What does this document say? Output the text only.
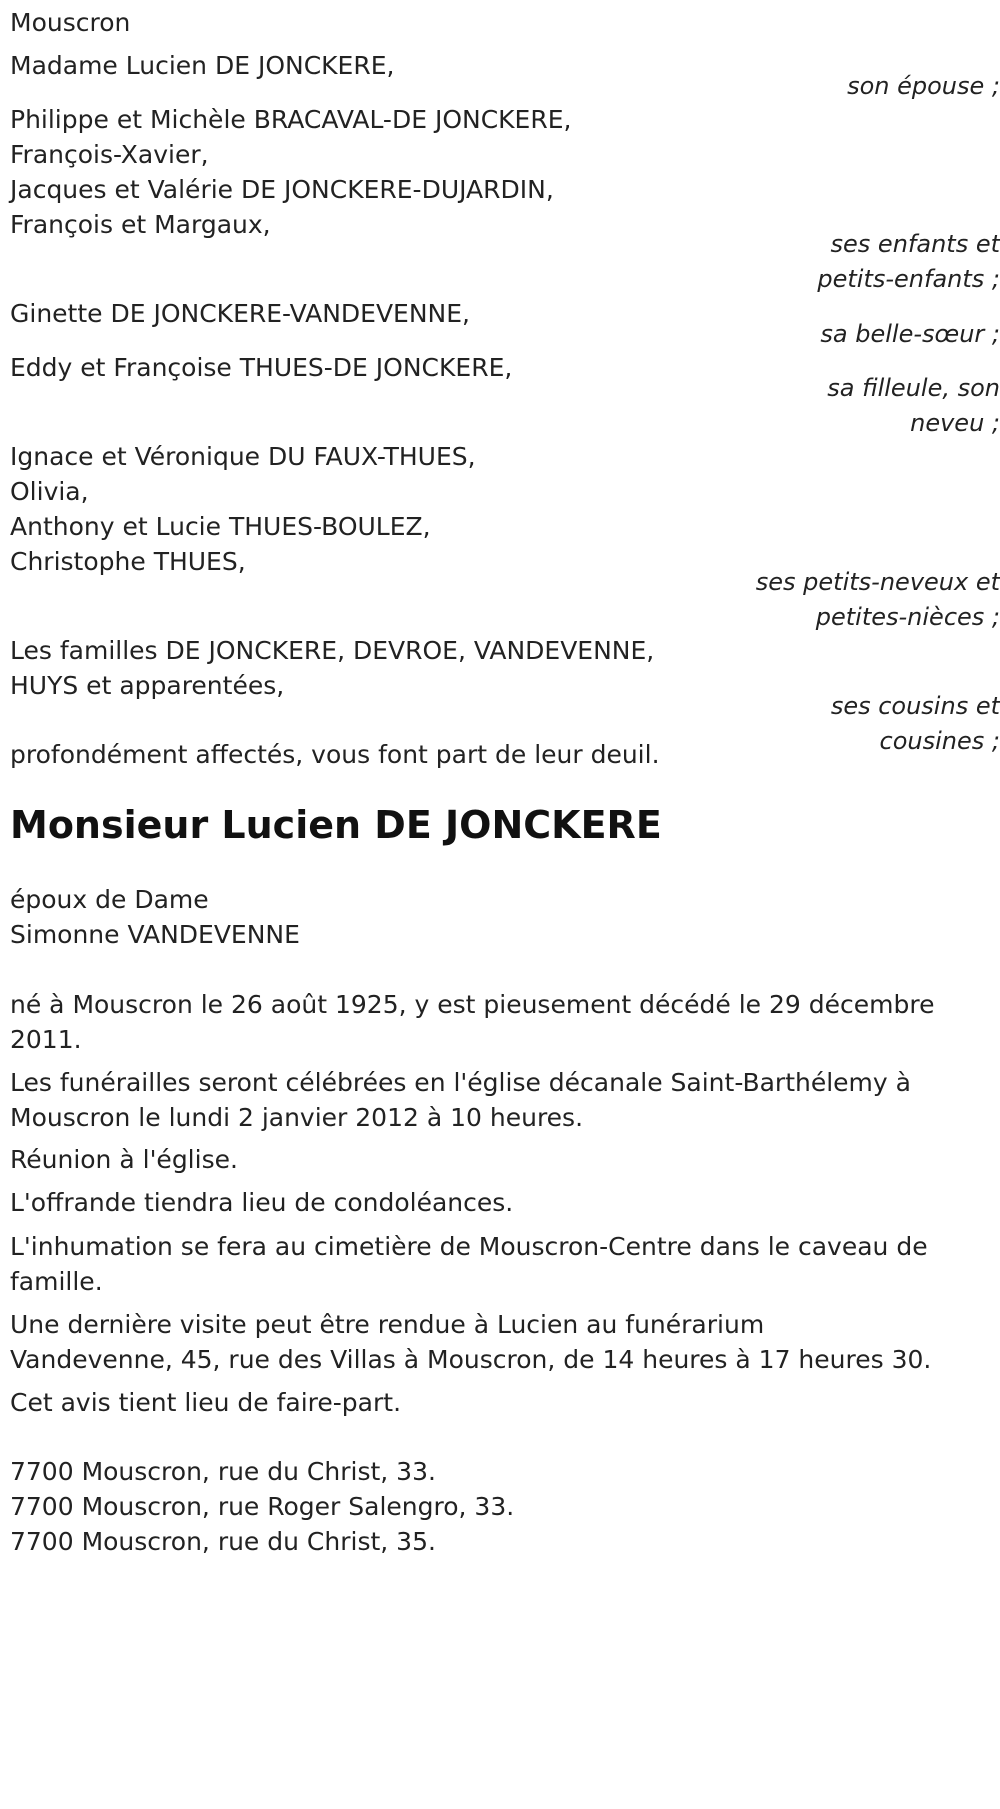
Mouscron
Madame Lucien DE JONCKERE,
son épouse ;
Philippe et Michèle BRACAVAL-DE JONCKERE,
François-Xavier,
Jacques et Valérie DE JONCKERE-DUJARDIN,
François et Margaux,
ses enfants et
petits-enfants ;
Ginette DE JONCKERE-VANDEVENNE,
sa belle-sœur ;
Eddy et Françoise THUES-DE JONCKERE,
sa filleule, son
neveu ;
Ignace et Véronique DU FAUX-THUES,
Olivia,
Anthony et Lucie THUES-BOULEZ,
Christophe THUES,
ses petits-neveux et
petites-nièces ;
Les familles DE JONCKERE, DEVROE, VANDEVENNE,
HUYS et apparentées,
ses cousins et
cousines ;
profondément affectés, vous font part de leur deuil.
Monsieur Lucien DE JONCKERE
époux de Dame
Simonne VANDEVENNE
né à Mouscron le 26 août 1925, y est pieusement décédé le 29 décembre
2011.
Les funérailles seront célébrées en l'église décanale Saint-Barthélemy à
Mouscron le lundi 2 janvier 2012 à 10 heures.
Réunion à l'église.
L'offrande tiendra lieu de condoléances.
L'inhumation se fera au cimetière de Mouscron-Centre dans le caveau de
famille.
Une dernière visite peut être rendue à Lucien au funérarium
Vandevenne, 45, rue des Villas à Mouscron, de 14 heures à 17 heures 30.
Cet avis tient lieu de faire-part.
7700 Mouscron, rue du Christ, 33.
7700 Mouscron, rue Roger Salengro, 33.
7700 Mouscron, rue du Christ, 35.
